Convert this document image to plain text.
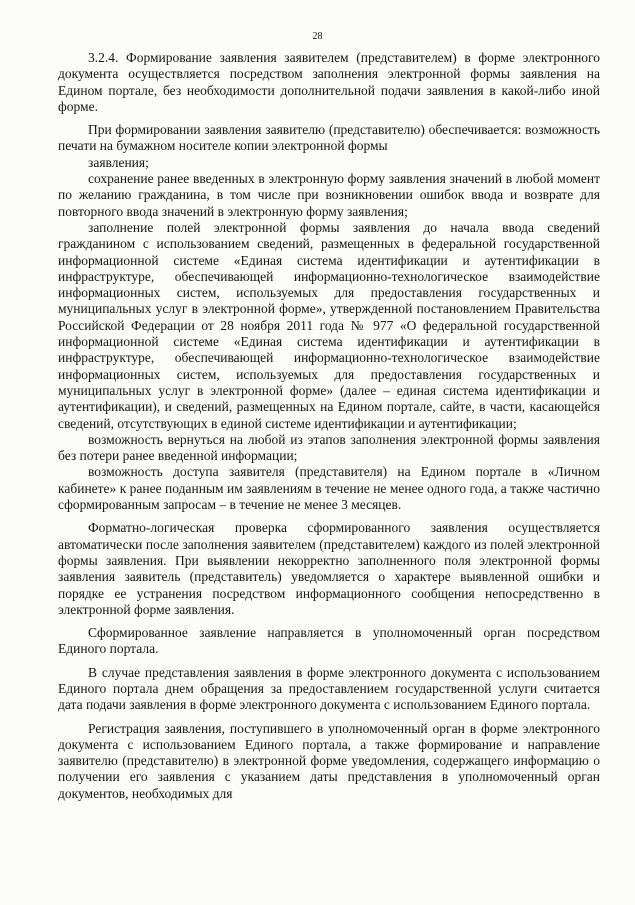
28

3.2.4. Формирование заявления заявителем (представителем) в форме электронного документа осуществляется посредством заполнения электронной формы заявления на Едином портале, без необходимости дополнительной подачи заявления в какой-либо иной форме.

При формировании заявления заявителю (представителю) обеспечивается: возможность печати на бумажном носителе копии электронной формы

заявления;

сохранение ранее введенных в электронную форму заявления значений в любой момент по желанию гражданина, в том числе при возникновении ошибок ввода и возврате для повторного ввода значений в электронную форму заявления;

заполнение полей электронной формы заявления до начала ввода сведений гражданином с использованием сведений, размещенных в федеральной государственной информационной системе «Единая система идентификации и аутентификации в инфраструктуре, обеспечивающей информационно-технологическое взаимодействие информационных систем, используемых для предоставления государственных и муниципальных услуг в электронной форме», утвержденной постановлением Правительства Российской Федерации от 28 ноября 2011 года № 977 «О федеральной государственной информационной системе «Единая система идентификации и аутентификации в инфраструктуре, обеспечивающей информационно-технологическое взаимодействие информационных систем, используемых для предоставления государственных и муниципальных услуг в электронной форме» (далее – единая система идентификации и аутентификации), и сведений, размещенных на Едином портале, сайте, в части, касающейся сведений, отсутствующих в единой системе идентификации и аутентификации;

возможность вернуться на любой из этапов заполнения электронной формы заявления без потери ранее введенной информации;

возможность доступа заявителя (представителя) на Едином портале в «Личном кабинете» к ранее поданным им заявлениям в течение не менее одного года, а также частично сформированным запросам – в течение не менее 3 месяцев.

Форматно-логическая проверка сформированного заявления осуществляется автоматически после заполнения заявителем (представителем) каждого из полей электронной формы заявления. При выявлении некорректно заполненного поля электронной формы заявления заявитель (представитель) уведомляется о характере выявленной ошибки и порядке ее устранения посредством информационного сообщения непосредственно в электронной форме заявления.

Сформированное заявление направляется в уполномоченный орган посредством Единого портала.

В случае представления заявления в форме электронного документа с использованием Единого портала днем обращения за предоставлением государственной услуги считается дата подачи заявления в форме электронного документа с использованием Единого портала.

Регистрация заявления, поступившего в уполномоченный орган в форме электронного документа с использованием Единого портала, а также формирование и направление заявителю (представителю) в электронной форме уведомления, содержащего информацию о получении его заявления с указанием даты представления в уполномоченный орган документов, необходимых для
